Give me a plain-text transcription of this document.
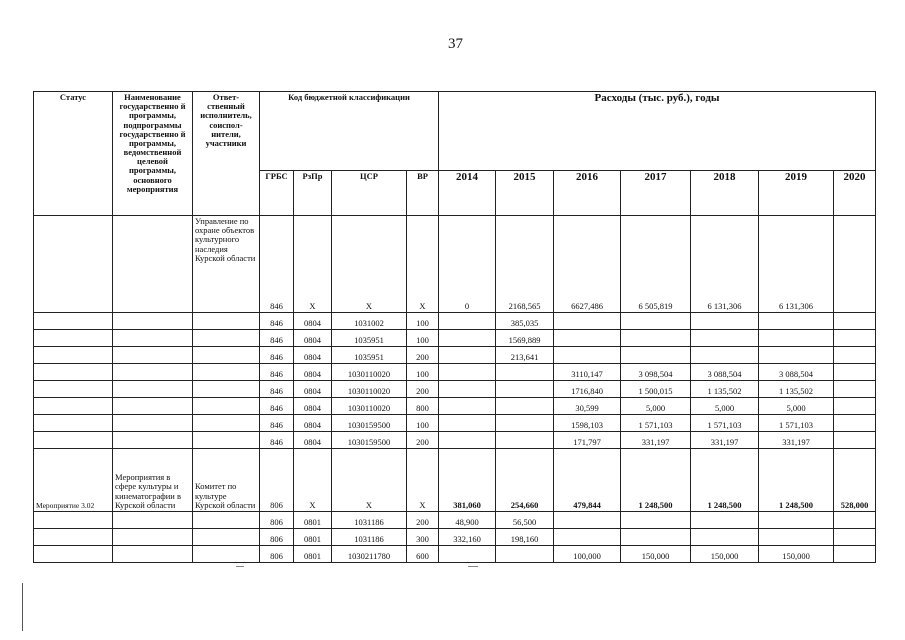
37
Статус	Наименование государственно й программы, подпрограммы государственно й программы, ведомственной целевой программы, основного мероприятия	Ответ- ственный исполнитель, соиспол- нители, участники	Код бюджетной классификации				Расходы (тыс. руб.), годы						
			ГРБС	РзПр	ЦСР	ВР	2014	2015	2016	2017	2018	2019	2020
		Управление по охране объектов культурного наследия Курской области	846	Х	Х	Х	0	2168,565	6627,486	6 505,819	6 131,306	6 131,306	
			846	0804	1031002	100		385,035					
			846	0804	1035951	100		1569,889					
			846	0804	1035951	200		213,641					
			846	0804	1030110020	100			3110,147	3 098,504	3 088,504	3 088,504	
			846	0804	1030110020	200			1716,840	1 500,015	1 135,502	1 135,502	
			846	0804	1030110020	800			30,599	5,000	5,000	5,000	
			846	0804	1030159500	100			1598,103	1 571,103	1 571,103	1 571,103	
			846	0804	1030159500	200			171,797	331,197	331,197	331,197	
Мероприятие 3.02	Мероприятия в сфере культуры и кинематографии в Курской области	Комитет по культуре Курской области	806	Х	Х	Х	381,060	254,660	479,844	1 248,500	1 248,500	1 248,500	528,000
			806	0801	1031186	200	48,900	56,500					
			806	0801	1031186	300	332,160	198,160					
			806	0801	1030211780	600			100,000	150,000	150,000	150,000	
